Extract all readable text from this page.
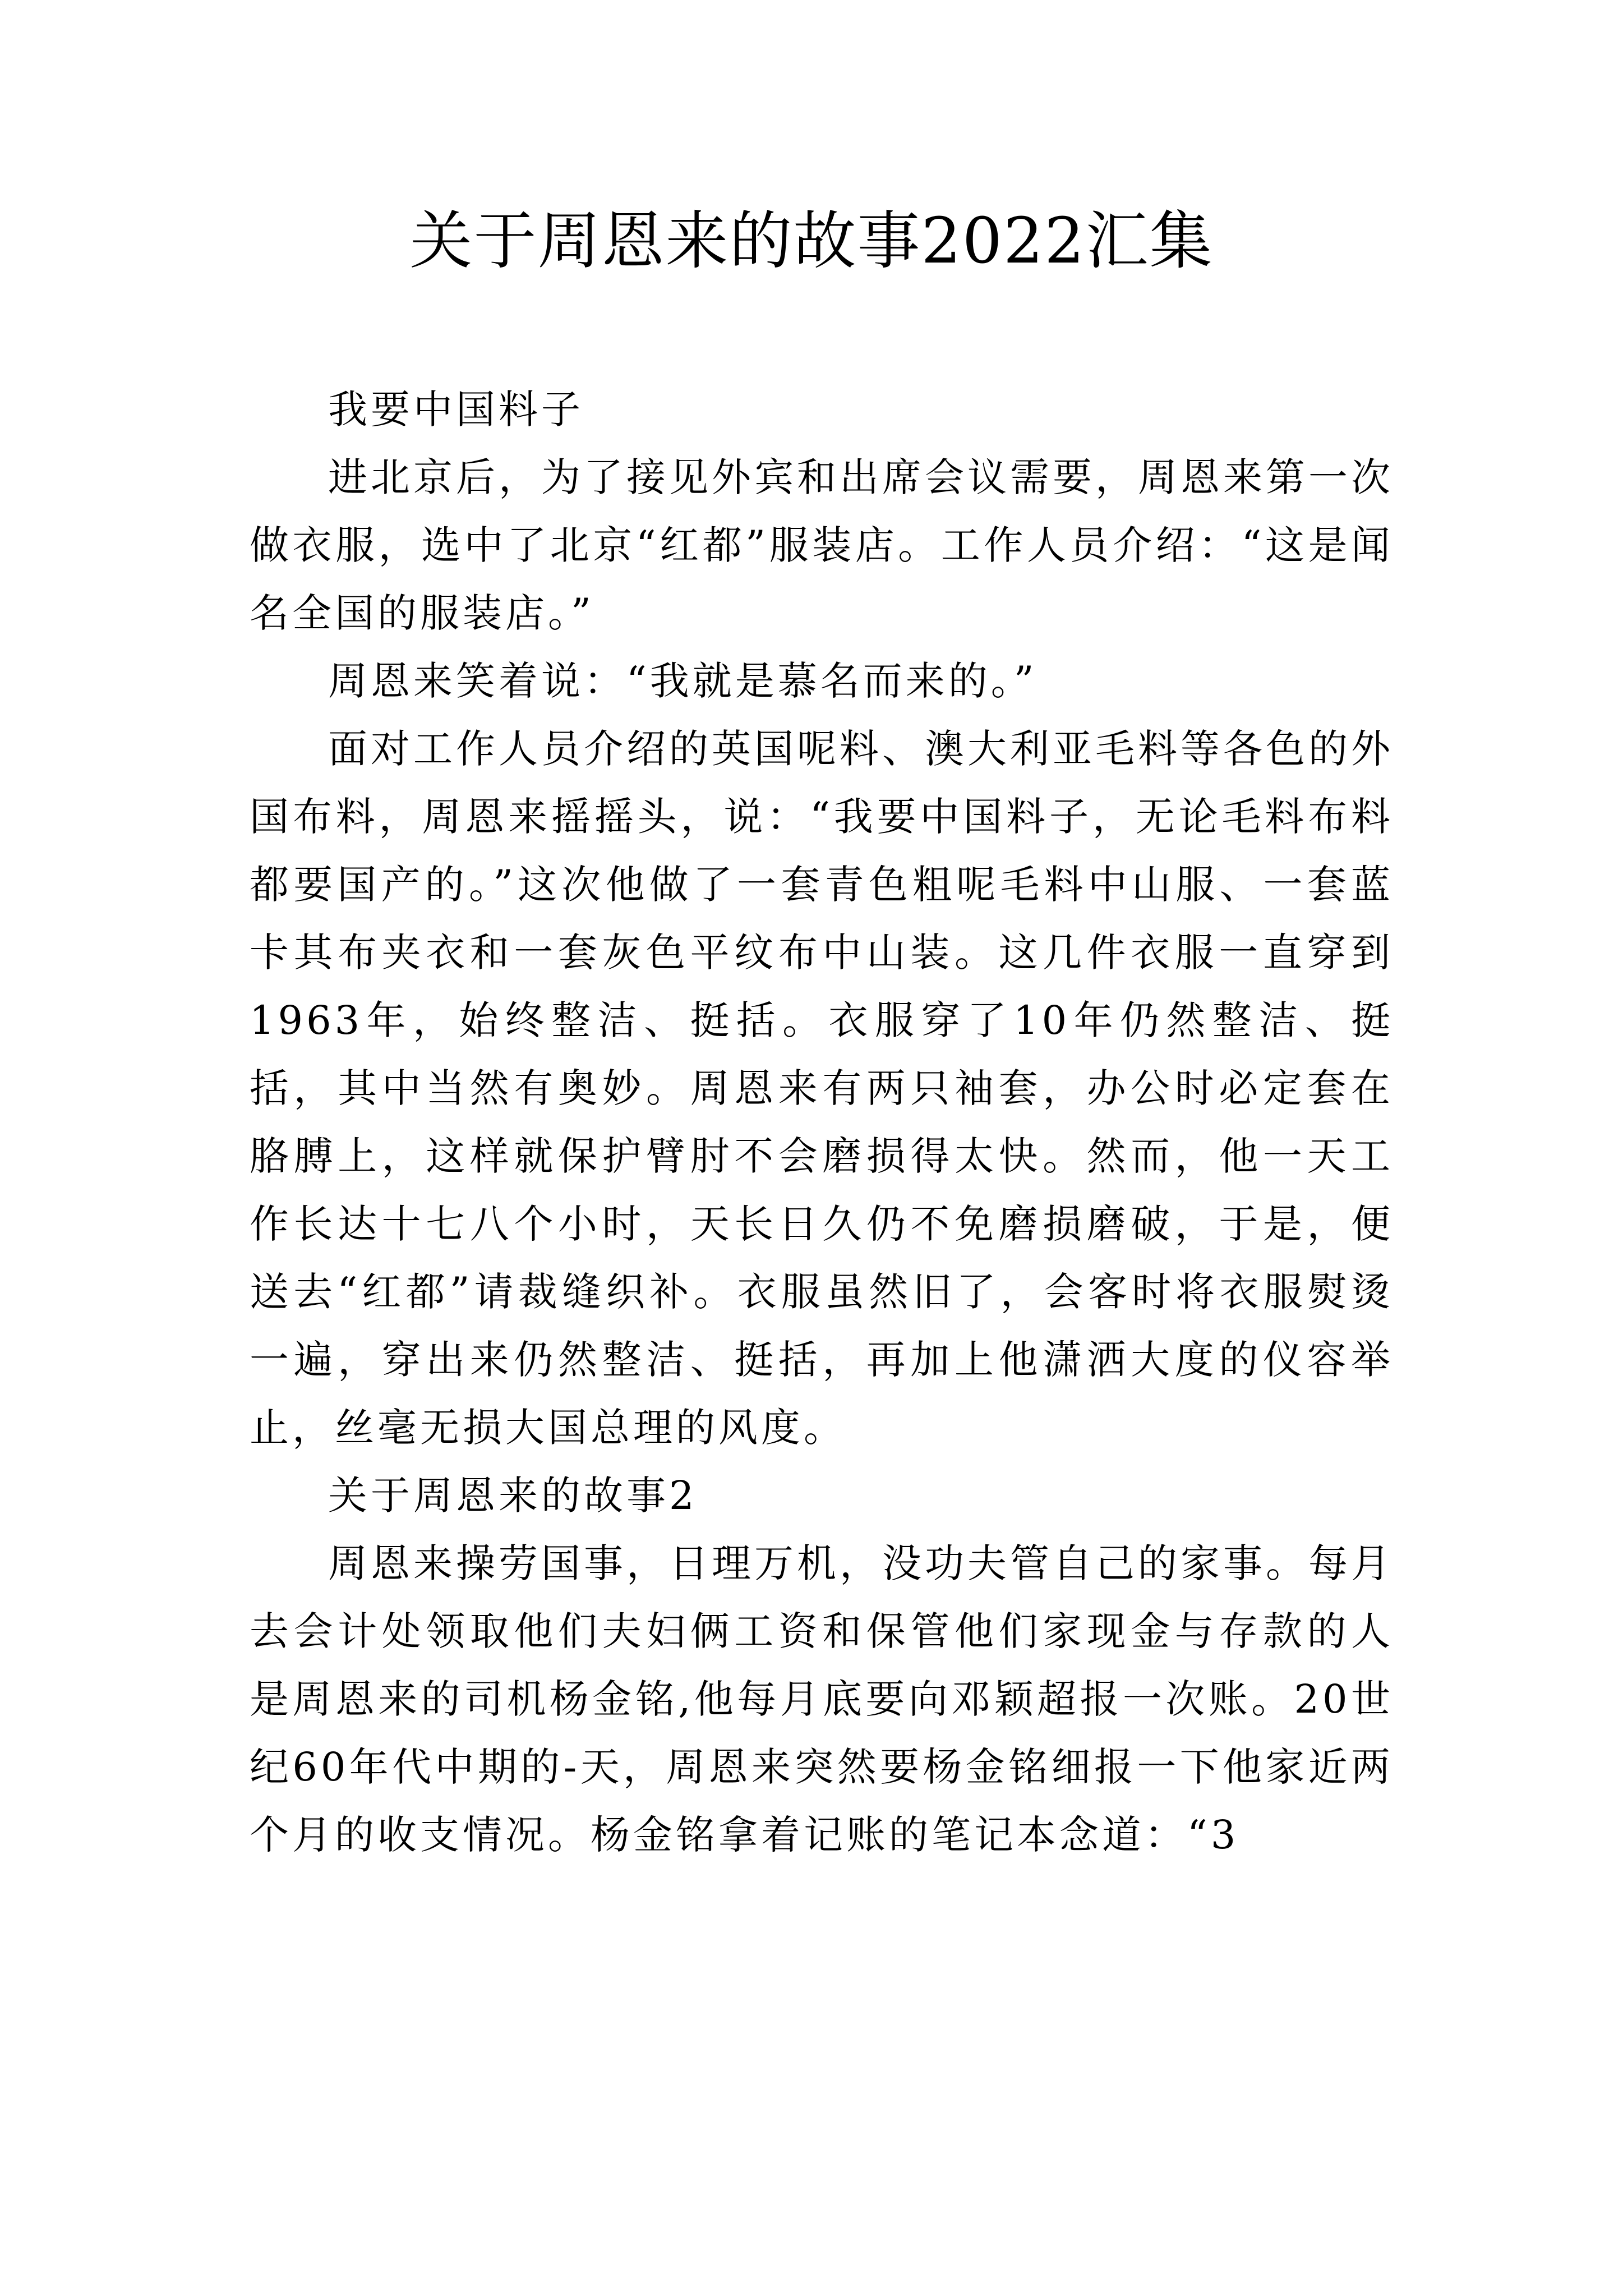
关于周恩来的故事2022汇集

我要中国料子

进北京后，为了接见外宾和出席会议需要，周恩来第一次做衣服，选中了北京“红都”服装店。工作人员介绍：“这是闻名全国的服装店。”

周恩来笑着说：“我就是慕名而来的。”

面对工作人员介绍的英国呢料、澳大利亚毛料等各色的外国布料，周恩来摇摇头，说：“我要中国料子，无论毛料布料都要国产的。”这次他做了一套青色粗呢毛料中山服、一套蓝卡其布夹衣和一套灰色平纹布中山装。这几件衣服一直穿到1963年，始终整洁、挺括。衣服穿了10年仍然整洁、挺括，其中当然有奥妙。周恩来有两只袖套，办公时必定套在胳膊上，这样就保护臂肘不会磨损得太快。然而，他一天工作长达十七八个小时，天长日久仍不免磨损磨破，于是，便送去“红都”请裁缝织补。衣服虽然旧了，会客时将衣服熨烫一遍，穿出来仍然整洁、挺括，再加上他潇洒大度的仪容举止，丝毫无损大国总理的风度。

关于周恩来的故事2

周恩来操劳国事，日理万机，没功夫管自己的家事。每月去会计处领取他们夫妇俩工资和保管他们家现金与存款的人是周恩来的司机杨金铭,他每月底要向邓颖超报一次账。20世纪60年代中期的-天，周恩来突然要杨金铭细报一下他家近两个月的收支情况。杨金铭拿着记账的笔记本念道：“3
